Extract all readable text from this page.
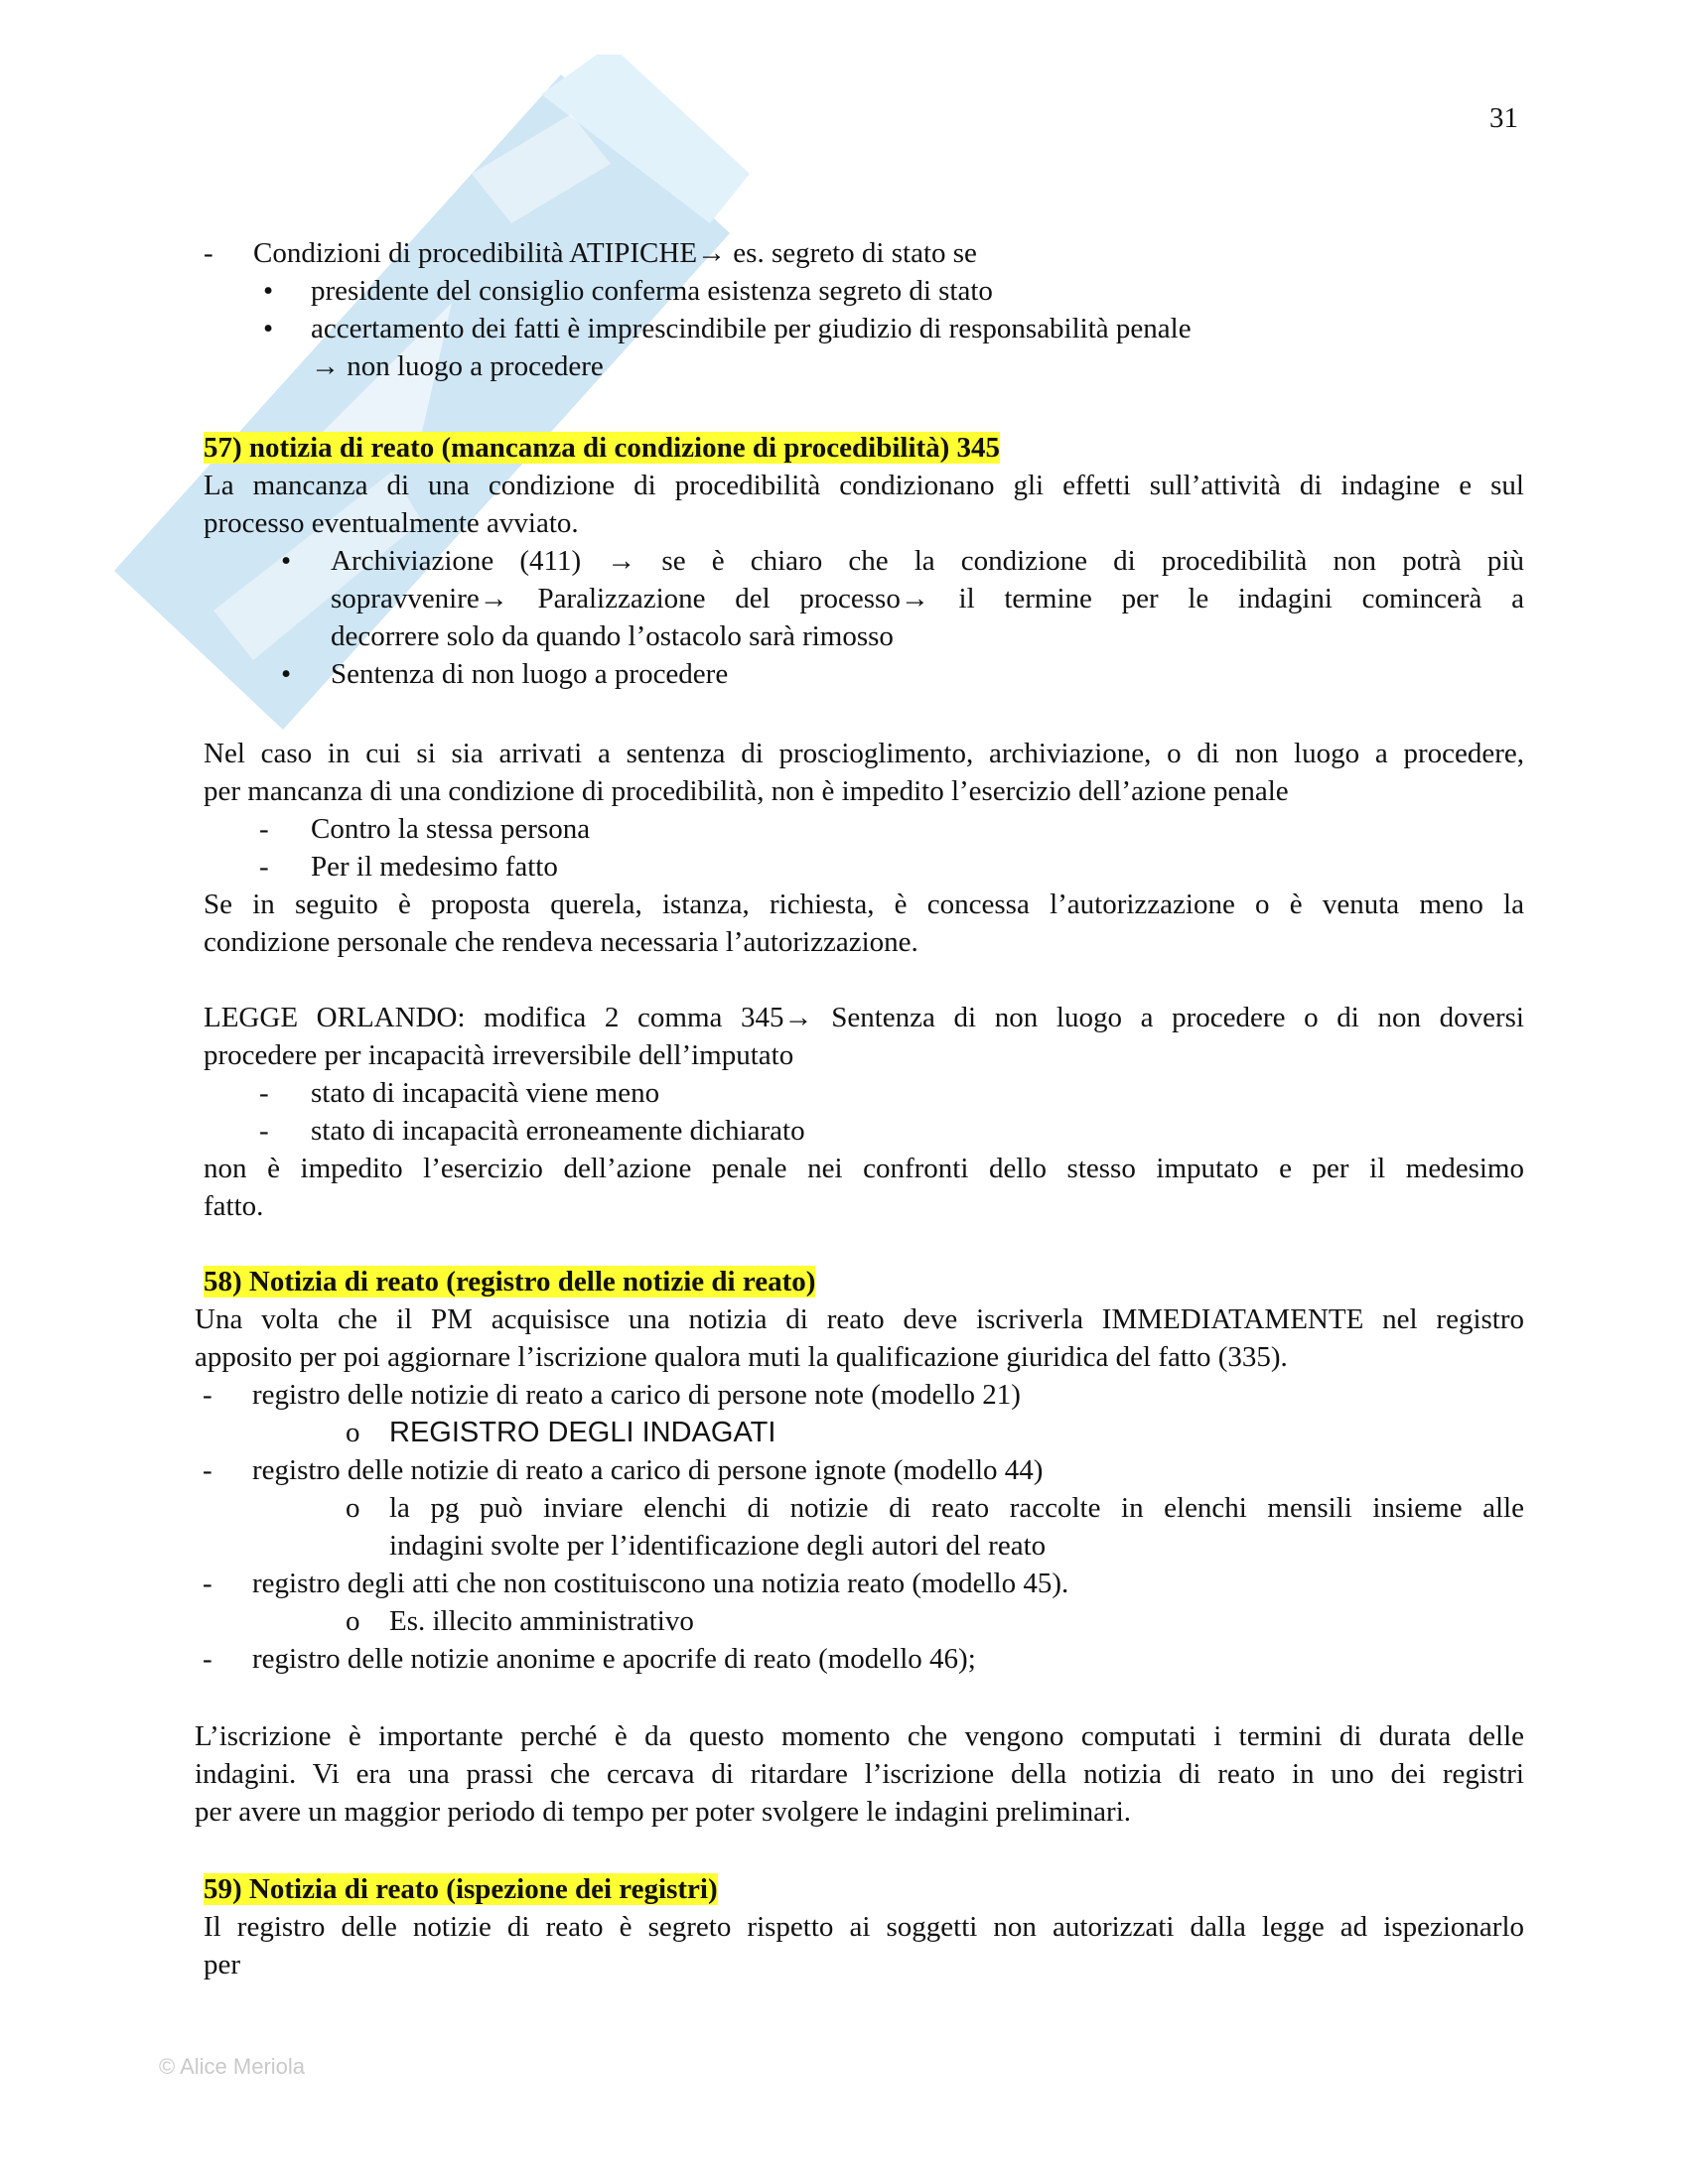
31
- Condizioni di procedibilità ATIPICHE→ es. segreto di stato se
• presidente del consiglio conferma esistenza segreto di stato
• accertamento dei fatti è imprescindibile per giudizio di responsabilità penale
→ non luogo a procedere
57) notizia di reato (mancanza di condizione di procedibilità) 345
La mancanza di una condizione di procedibilità condizionano gli effetti sull’attività di indagine e sul
processo eventualmente avviato.
• Archiviazione (411) → se è chiaro che la condizione di procedibilità non potrà più
sopravvenire→ Paralizzazione del processo→ il termine per le indagini comincerà a
decorrere solo da quando l’ostacolo sarà rimosso
• Sentenza di non luogo a procedere
Nel caso in cui si sia arrivati a sentenza di proscioglimento, archiviazione, o di non luogo a procedere,
per mancanza di una condizione di procedibilità, non è impedito l’esercizio dell’azione penale
- Contro la stessa persona
- Per il medesimo fatto
Se in seguito è proposta querela, istanza, richiesta, è concessa l’autorizzazione o è venuta meno la
condizione personale che rendeva necessaria l’autorizzazione.
LEGGE ORLANDO: modifica 2 comma 345→ Sentenza di non luogo a procedere o di non doversi
procedere per incapacità irreversibile dell’imputato
- stato di incapacità viene meno
- stato di incapacità erroneamente dichiarato
non è impedito l’esercizio dell’azione penale nei confronti dello stesso imputato e per il medesimo
fatto.
58) Notizia di reato (registro delle notizie di reato)
Una volta che il PM acquisisce una notizia di reato deve iscriverla IMMEDIATAMENTE nel registro
apposito per poi aggiornare l’iscrizione qualora muti la qualificazione giuridica del fatto (335).
- registro delle notizie di reato a carico di persone note (modello 21)
o REGISTRO DEGLI INDAGATI
- registro delle notizie di reato a carico di persone ignote (modello 44)
o la pg può inviare elenchi di notizie di reato raccolte in elenchi mensili insieme alle
indagini svolte per l’identificazione degli autori del reato
- registro degli atti che non costituiscono una notizia reato (modello 45).
o Es. illecito amministrativo
- registro delle notizie anonime e apocrife di reato (modello 46);
L’iscrizione è importante perché è da questo momento che vengono computati i termini di durata delle
indagini. Vi era una prassi che cercava di ritardare l’iscrizione della notizia di reato in uno dei registri
per avere un maggior periodo di tempo per poter svolgere le indagini preliminari.
59) Notizia di reato (ispezione dei registri)
Il registro delle notizie di reato è segreto rispetto ai soggetti non autorizzati dalla legge ad ispezionarlo
per
© Alice Meriola
